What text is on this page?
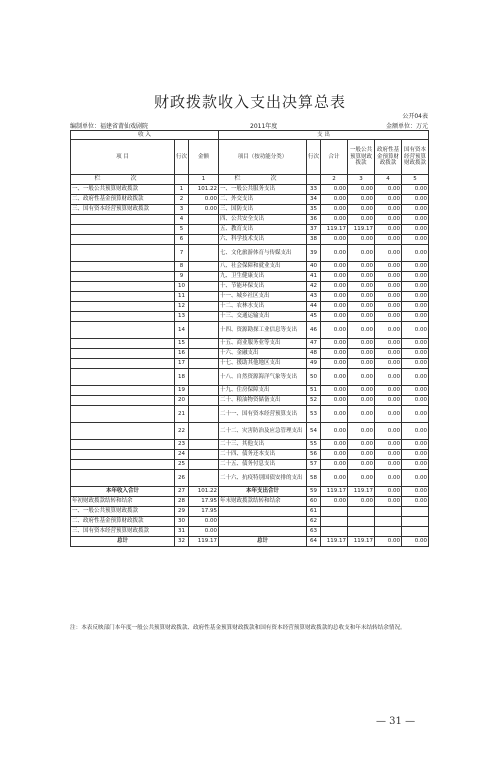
财政拨款收入支出决算总表
公开04表
编制单位：福建省莆仙戏剧院	2011年度	金额单位：万元
收 入			支 出					
项 目	行次	金额	项目（按功能分类）	行次	合计	一般公共预算财政拨款	政府性基金预算财政拨款	国有资本经营预算财政拨款
栏 次		1	栏 次		2	3	4	5
一、一般公共预算财政拨款	1	101.22	一、一般公共服务支出	33	0.00	0.00	0.00	0.00
二、政府性基金预算财政拨款	2	0.00	二、外交支出	34	0.00	0.00	0.00	0.00
三、国有资本经营预算财政拨款	3	0.00	三、国防支出	35	0.00	0.00	0.00	0.00
	4		四、公共安全支出	36	0.00	0.00	0.00	0.00
	5		五、教育支出	37	119.17	119.17	0.00	0.00
	6		六、科学技术支出	38	0.00	0.00	0.00	0.00
	7		七、文化旅游体育与传媒支出	39	0.00	0.00	0.00	0.00
	8		八、社会保障和就业支出	40	0.00	0.00	0.00	0.00
	9		九、卫生健康支出	41	0.00	0.00	0.00	0.00
	10		十、节能环保支出	42	0.00	0.00	0.00	0.00
	11		十一、城乡社区支出	43	0.00	0.00	0.00	0.00
	12		十二、农林水支出	44	0.00	0.00	0.00	0.00
	13		十三、交通运输支出	45	0.00	0.00	0.00	0.00
	14		十四、资源勘探工业信息等支出	46	0.00	0.00	0.00	0.00
	15		十五、商业服务业等支出	47	0.00	0.00	0.00	0.00
	16		十六、金融支出	48	0.00	0.00	0.00	0.00
	17		十七、援助其他地区支出	49	0.00	0.00	0.00	0.00
	18		十八、自然资源海洋气象等支出	50	0.00	0.00	0.00	0.00
	19		十九、住房保障支出	51	0.00	0.00	0.00	0.00
	20		二十、粮油物资储备支出	52	0.00	0.00	0.00	0.00
	21		二十一、国有资本经营预算支出	53	0.00	0.00	0.00	0.00
	22		二十二、灾害防治及应急管理支出	54	0.00	0.00	0.00	0.00
	23		二十三、其他支出	55	0.00	0.00	0.00	0.00
	24		二十四、债务还本支出	56	0.00	0.00	0.00	0.00
	25		二十五、债务付息支出	57	0.00	0.00	0.00	0.00
	26		二十六、抗疫特别国债安排的支出	58	0.00	0.00	0.00	0.00
本年收入合计	27	101.22	本年支出合计	59	119.17	119.17	0.00	0.00
年初财政拨款结转和结余	28	17.95	年末财政拨款结转和结余	60	0.00	0.00	0.00	0.00
一、一般公共预算财政拨款	29	17.95		61				
二、政府性基金预算财政拨款	30	0.00		62				
三、国有资本经营预算财政拨款	31	0.00		63				
总计	32	119.17	总计	64	119.17	119.17	0.00	0.00
注：本表反映部门本年度一般公共预算财政拨款、政府性基金预算财政拨款和国有资本经营预算财政拨款的总收支和年末结转结余情况。
— 31 —
